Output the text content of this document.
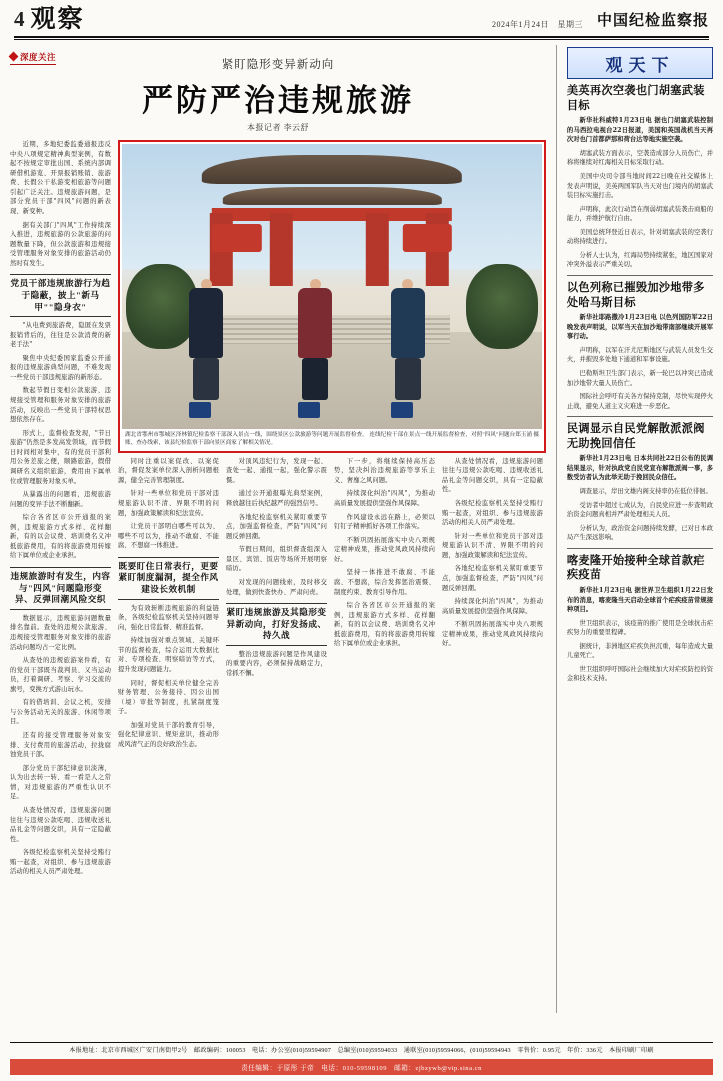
4 观察	2024年1月24日　星期三 中国纪检监察报
深度关注
紧盯隐形变异新动向
严防严治违规旅游
本报记者 李云舒

近期，多地纪委监委通报违反中央八项规定精神典型案例，有数起不按规定审批出国、系统内部调研借机游览、开票报销账销、旅游费、长假公干私游变相旅游等问题引起广泛关注。违规旅游问题，是部分党员干部"四风"问题的新表现、新变种。

据有关部门"四风"工作持续深入推进，违规旅游的公款旅游的问题数量下降，但公款旅游和违规接受管理服务对象安排的旅游活动仍然时有发生。

党员干部违规旅游行为趋于隐蔽，披上"新马甲""隐身衣"

"从电费到旅游费，隐匿在发票报销背后的，往往是公款消费的新老手法"

聚焦中央纪委国家监委公开通报的违规旅游典型问题，不难发现一些党员干部违规旅游的新形态。

数起节假日变相公款旅游、违规接受管理和服务对象安排的旅游活动，反映出一些党员干部特权思想依然存在。

形式上，监督检查发现，"节日旅游"仍然是多发高发领域，而节假日时间相对集中，有的党员干部利用公务差旅之便，顺路旅游，假借调研名义组织旅游，费用由下属单位或管理服务对象买单。

从暴露出的问题看，违规旅游问题的变异手法不断翻新。

综合各省区市公开通报的案例，违规旅游方式多样、花样翻新，有的以会议费、培训费名义冲抵旅游费用，有的将旅游费用转嫁给下属单位或企业承担。

违规旅游时有发生，内容与"四风"问题隐形变异、反弹回潮风险交织

数据显示，违规旅游问题数量排名靠前。查处的违规公款旅游、违规接受管理服务对象安排的旅游活动问题均占一定比例。

从查处的违规旅游案件看，有的党员干部既当裁判员、又当运动员，打着调研、考察、学习交流的旗号，变换方式游山玩水。

有的借培训、会议之机，安排与公务活动无关的旅游、休闲等项目。

还有的接受管理服务对象安排、支付费用的旅游活动，拉拢腐蚀党员干部。

部分党员干部纪律意识淡薄，认为出去转一转、看一看是人之常情，对违规旅游的严重性认识不足。

从查处情况看，违规旅游问题往往与违规公款吃喝、违规收送礼品礼金等问题交织，具有一定隐蔽性。

各级纪检监察机关坚持受贿行贿一起查，对组织、参与违规旅游活动的相关人员严肃处理。

郑玉涌 摄
湖北省鄂州市鄂城区泽林镇纪检监察干部深入景点一线，围绕景区公款旅游等问题开展监督检查。 连线纪检干部在景点一线开展监督检查，对照"四风"问题台账、查办线索，该县纪检监察干部向景区商家了解相关情况。

同时注重以案促改、以案促治，督促发案单位深入剖析问题根源，健全完善管理制度。

针对一些单位和党员干部对违规旅游认识不清、界限不明的问题，加强政策解读和纪法宣传。

让党员干部明白哪些可以为、哪些不可以为，推动不敢腐、不能腐、不想腐一体推进。

既要盯住日常表行，更要紧盯制度漏洞，提全作风建设长效机制

为有效斩断违规旅游的利益链条，各级纪检监察机关坚持问题导向，强化日常监督、精准监督。

持续加强对重点领域、关键环节的监督检查，综合运用大数据比对、专项检查、明察暗访等方式，提升发现问题能力。

同时，督促相关单位健全完善财务管理、公务接待、因公出国（境）审批等制度，扎紧制度笼子。

加强对党员干部的教育引导，强化纪律意识、规矩意识，推动形成风清气正的良好政治生态。

对顶风违纪行为，发现一起、查处一起、通报一起，强化警示震慑。

通过公开通报曝光典型案例，释放越往后执纪越严的强烈信号。

各地纪检监察机关紧盯重要节点，加强监督检查，严防"四风"问题反弹回潮。

节假日期间，组织督查组深入景区、宾馆、饭店等场所开展明察暗访。

对发现的问题线索，及时移交处理，做到快查快办、严肃问责。

紧盯违规旅游及其隐形变异新动向，打好发扬成、持久战

整治违规旅游问题是作风建设的重要内容，必须保持战略定力，常抓不懈。

下一步，将继续保持高压态势，坚决纠治违规旅游等享乐主义、奢靡之风问题。

持续深化纠治"四风"，为推动高质量发展提供坚强作风保障。

作风建设永远在路上，必须以钉钉子精神抓好各项工作落实。

不断巩固拓展落实中央八项规定精神成果，推动党风政风持续向好。

坚持一体推进不敢腐、不能腐、不想腐，综合发挥惩治震慑、制度约束、教育引导作用。

综合各省区市公开通报的案例，违规旅游方式多样、花样翻新，有的以会议费、培训费名义冲抵旅游费用，有的将旅游费用转嫁给下属单位或企业承担。

从查处情况看，违规旅游问题往往与违规公款吃喝、违规收送礼品礼金等问题交织，具有一定隐蔽性。

各级纪检监察机关坚持受贿行贿一起查，对组织、参与违规旅游活动的相关人员严肃处理。

针对一些单位和党员干部对违规旅游认识不清、界限不明的问题，加强政策解读和纪法宣传。

各地纪检监察机关紧盯重要节点，加强监督检查，严防"四风"问题反弹回潮。

持续深化纠治"四风"，为推动高质量发展提供坚强作风保障。

不断巩固拓展落实中央八项规定精神成果，推动党风政风持续向好。

观天下
美英再次空袭也门胡塞武装目标

新华社科威特1月23日电 据也门胡塞武装控制的马西拉电视台22日报道，美国和英国战机当天再次对也门首都萨那和荷台达等地实施空袭。

胡塞武装方面表示，空袭造成部分人员伤亡，并称将继续对红海相关目标采取行动。

美国中央司令部当地时间22日晚在社交媒体上发表声明说，美英两国军队当天对也门境内的胡塞武装目标实施打击。

声明称，此次行动旨在削弱胡塞武装袭击商船的能力，并维护航行自由。

美国总统拜登近日表示，针对胡塞武装的空袭行动将持续进行。

分析人士认为，红海局势持续紧张，地区国家对冲突外溢表示严重关切。

以色列称已摧毁加沙地带多处哈马斯目标

新华社耶路撒冷1月23日电 以色列国防军22日晚发表声明说，以军当天在加沙地带南部继续开展军事行动。

声明称，以军在汗尤尼斯地区与武装人员发生交火，并摧毁多处地下通道和军事设施。

巴勒斯坦卫生部门表示，新一轮巴以冲突已造成加沙地带大量人员伤亡。

国际社会呼吁有关各方保持克制，尽快实现停火止战，避免人道主义灾难进一步恶化。

民调显示自民党解散派派阀无助挽回信任

新华社1月23日电 日本共同社22日公布的民调结果显示，针对执政党自民党宣布解散派阀一事，多数受访者认为此举无助于挽回民众信任。

调查显示，岸田文雄内阁支持率仍在低位徘徊。

受访者中超过七成认为，自民党应进一步查明政治资金问题真相并严肃处理相关人员。

分析认为，政治资金问题持续发酵，已对日本政局产生深远影响。

喀麦隆开始接种全球首款疟疾疫苗

新华社1月23日电 据世界卫生组织1月22日发布的消息，喀麦隆当天启动全球首个疟疾疫苗常规接种项目。

世卫组织表示，该疫苗的推广使用是全球抗击疟疾努力的重要里程碑。

据统计，非洲地区疟疾负担沉重，每年造成大量儿童死亡。

世卫组织呼吁国际社会继续加大对疟疾防控的资金和技术支持。

本报地址：北京市西城区广安门南街甲2号　邮政编码：100053　电话：办公室(010)59594907　总编室(010)59594033　通联室(010)59594066，(010)59594943　零售价：0.95元　年价：336元　本报印刷厂印刷
责任编辑：于原彤 于帝　电话：010-59598109　邮箱：zjbzywb@vip.sina.cn
